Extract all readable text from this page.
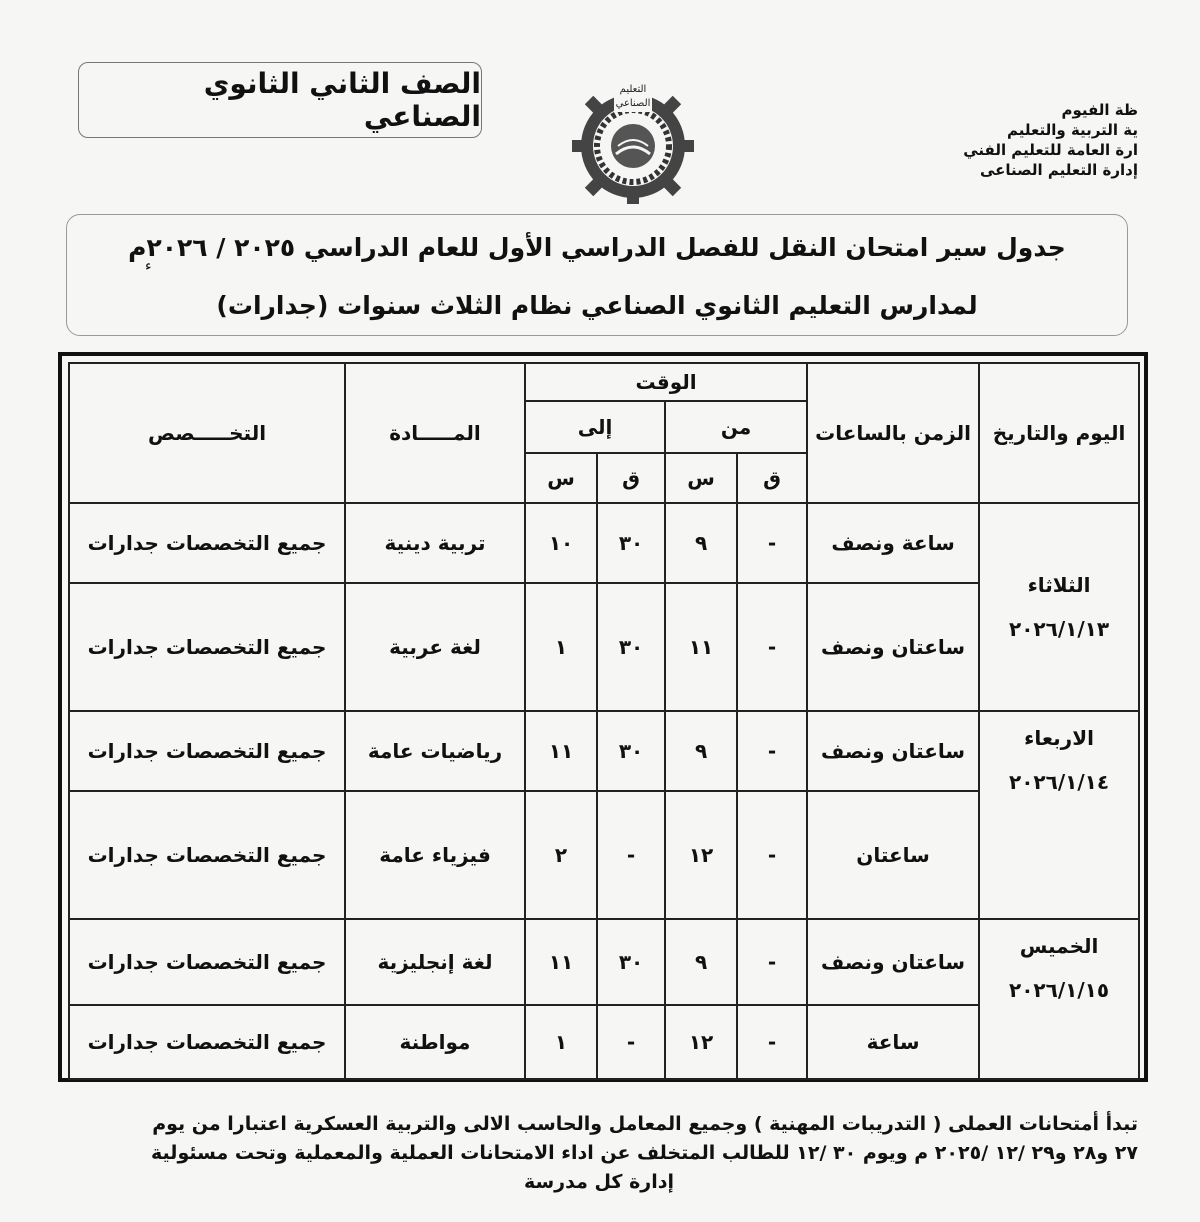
الصف الثاني الثانوي الصناعي
التعليم
الصناعي	ظة الفيوم
ية التربية والتعليم
ارة العامة للتعليم الفني
إدارة التعليم الصناعى
جدول سير امتحان النقل للفصل الدراسي الأول للعام الدراسي ٢٠٢٥ / ٢٠٢٦م
لمدارس التعليم الثانوي الصناعي نظام الثلاث سنوات (جدارات)
ء
اليوم والتاريخ	الزمن بالساعات	الوقت				المـــــادة	التخـــــصص
		من		إلى			
		ق	س	ق	س		

الثلاثاء
٢٠٢٦/١/١٣	ساعة ونصف	-	٩	٣٠	١٠	تربية دينية	جميع التخصصات جدارات
	ساعتان ونصف	-	١١	٣٠	١	لغة عربية	جميع التخصصات جدارات

الاربعاء
٢٠٢٦/١/١٤	ساعتان ونصف	-	٩	٣٠	١١	رياضيات عامة	جميع التخصصات جدارات
	ساعتان	-	١٢	-	٢	فيزياء عامة	جميع التخصصات جدارات

الخميس
٢٠٢٦/١/١٥	ساعتان ونصف	-	٩	٣٠	١١	لغة إنجليزية	جميع التخصصات جدارات
	ساعة	-	١٢	-	١	مواطنة	جميع التخصصات جدارات
تبدأ أمتحانات العملى ( التدريبات المهنية ) وجميع المعامل والحاسب الالى والتربية العسكرية اعتبارا من يوم
٢٧ و٢٨ و٢٩ /١٢ /٢٠٢٥ م ويوم ٣٠ /١٢ للطالب المتخلف عن اداء الامتحانات العملية والمعملية وتحت مسئولية
إدارة كل مدرسة
